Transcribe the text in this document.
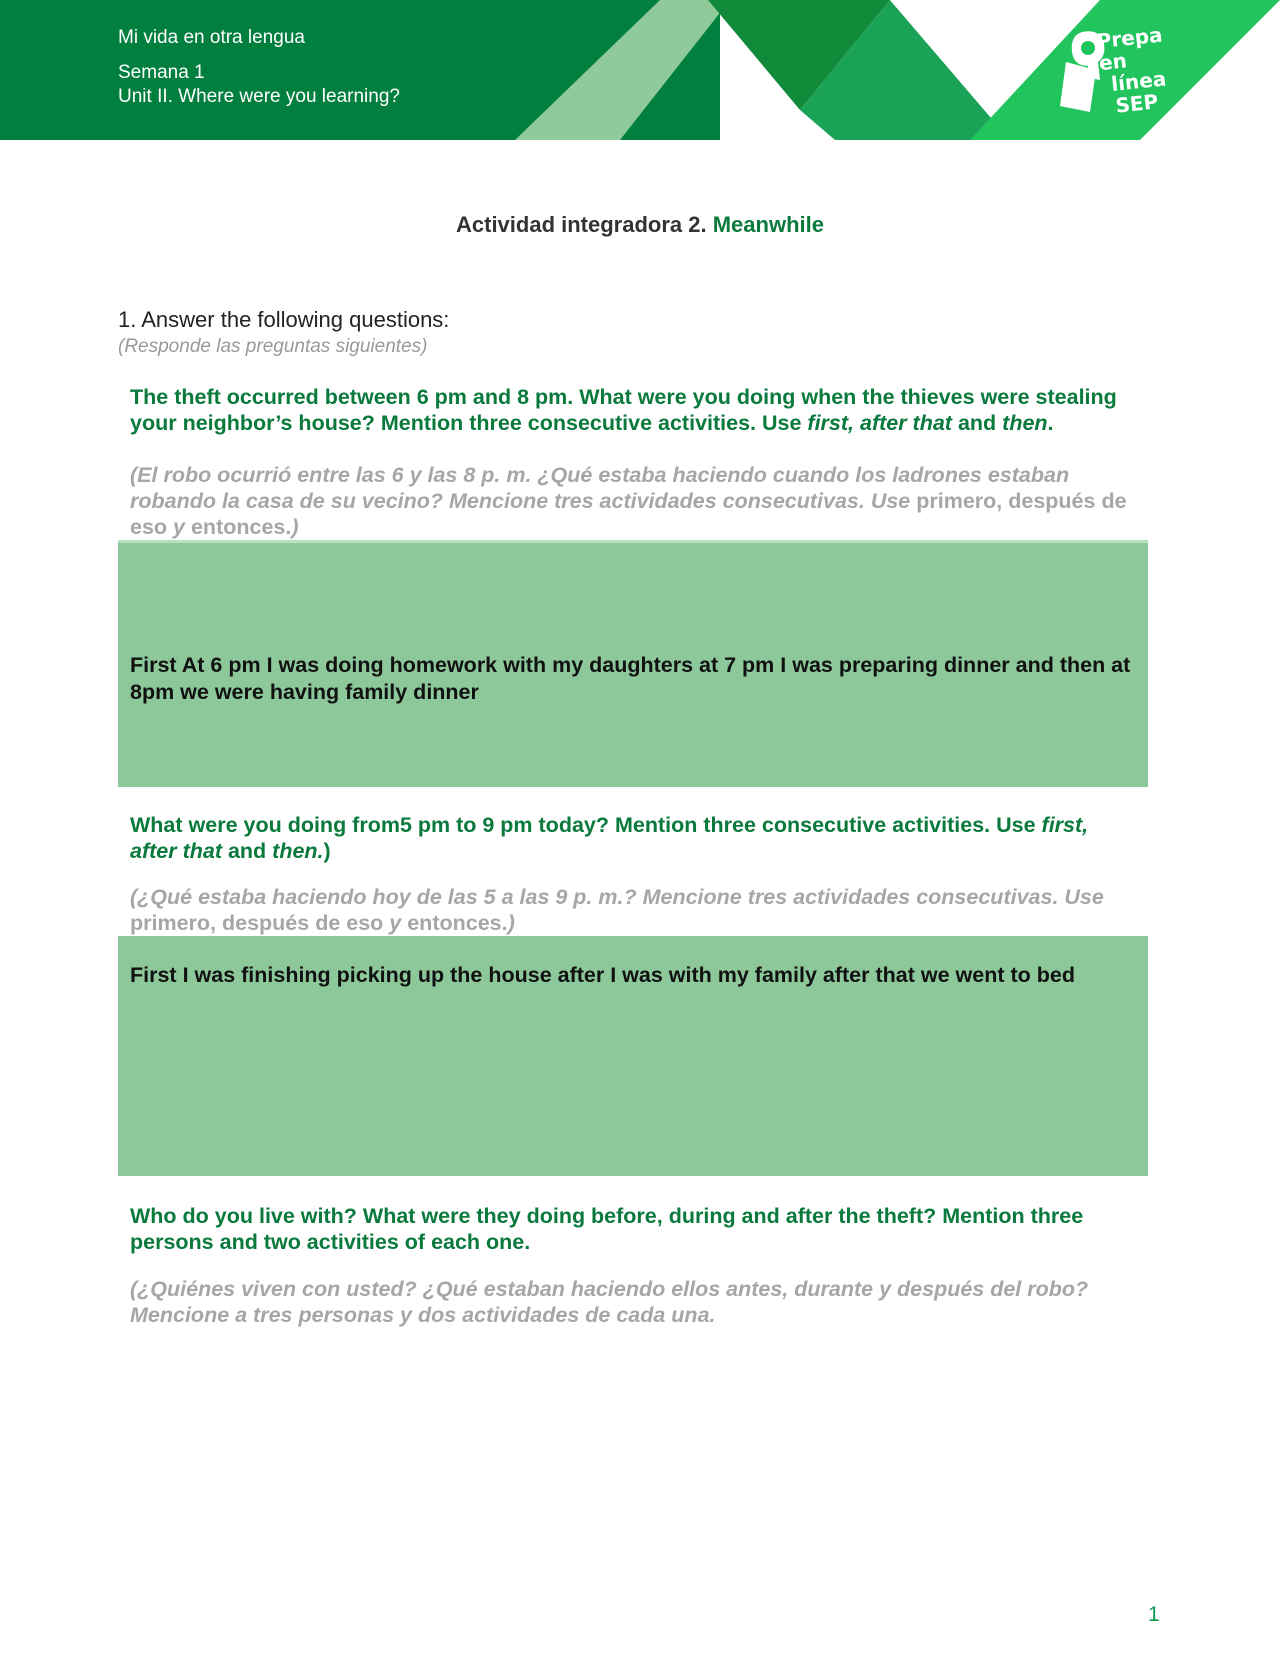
Mi vida en otra lengua
Semana 1
Unit II. Where were you learning?
Prepa en
línea
SEP
Actividad integradora 2. Meanwhile
1. Answer the following questions:
(Responde las preguntas siguientes)
The theft occurred between 6 pm and 8 pm. What were you doing when the thieves were stealing your neighbor’s house? Mention three consecutive activities. Use first, after that and then.
(El robo ocurrió entre las 6 y las 8 p. m. ¿Qué estaba haciendo cuando los ladrones estaban robando la casa de su vecino? Mencione tres actividades consecutivas. Use primero, después de eso y entonces.)
First At 6 pm I was doing homework with my daughters at 7 pm I was preparing dinner and then at 8pm we were having family dinner
What were you doing from5 pm to 9 pm today? Mention three consecutive activities. Use first, after that and then.)
(¿Qué estaba haciendo hoy de las 5 a las 9 p. m.? Mencione tres actividades consecutivas. Use primero, después de eso y entonces.)
First I was finishing picking up the house after I was with my family after that we went to bed
Who do you live with? What were they doing before, during and after the theft? Mention three persons and two activities of each one.
(¿Quiénes viven con usted? ¿Qué estaban haciendo ellos antes, durante y después del robo? Mencione a tres personas y dos actividades de cada una.
1
